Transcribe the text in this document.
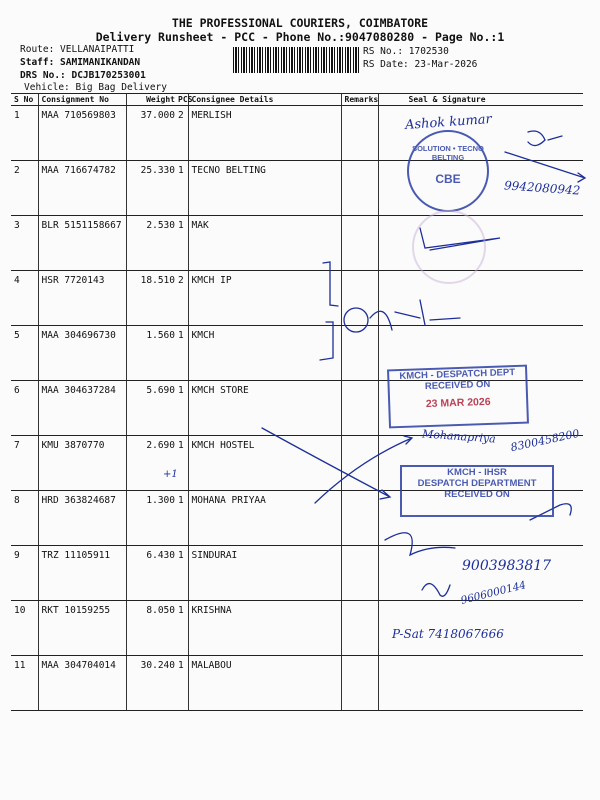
THE PROFESSIONAL COURIERS, COIMBATORE
Delivery Runsheet - PCC - Phone No.:9047080280 - Page No.:1
Route: VELLANAIPATTI
Staff: SAMIMANIKANDAN
DRS No.: DCJB170253001
Vehicle: Big Bag Delivery
RS No.: 1702530
RS Date: 23-Mar-2026
S No	Consignment No	Weight	PCS	Consignee Details	Remarks	Seal & Signature
1	MAA 710569803	37.000	2	MERLISH		
2	MAA 716674782	25.330	1	TECNO BELTING		
3	BLR 5151158667	2.530	1	MAK		
4	HSR 7720143	18.510	2	KMCH IP		
5	MAA 304696730	1.560	1	KMCH		
6	MAA 304637284	5.690	1	KMCH STORE		
7	KMU 3870770	2.690	1	KMCH HOSTEL		
8	HRD 363824687	1.300	1	MOHANA PRIYAA		
9	TRZ 11105911	6.430	1	SINDURAI		
10	RKT 10159255	8.050	1	KRISHNA		
11	MAA 304704014	30.240	1	MALABOU		
SOLUTION • TECNO BELTING
CBE
KMCH - DESPATCH DEPT
RECEIVED ON
23 MAR 2026
KMCH - IHSR
DESPATCH DEPARTMENT
RECEIVED ON
Ashok kumar
9942080942
Mohanapriya 8300458200
9003983817
9606000144
P-Sat 7418067666
+1
